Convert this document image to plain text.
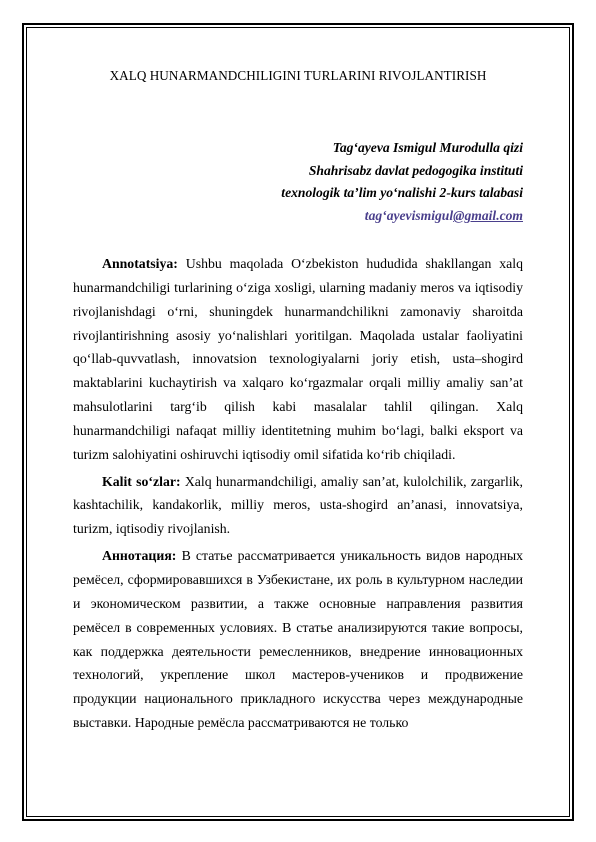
XALQ HUNARMANDCHILIGINI TURLARINI RIVOJLANTIRISH
Tag‘ayeva Ismigul Murodulla qizi
Shahrisabz davlat pedogogika instituti
texnologik ta’lim yo‘nalishi 2-kurs talabasi
tag‘ayevismigul@gmail.com

Annotatsiya: Ushbu maqolada O‘zbekiston hududida shakllangan xalq hunarmandchiligi turlarining o‘ziga xosligi, ularning madaniy meros va iqtisodiy rivojlanishdagi o‘rni, shuningdek hunarmandchilikni zamonaviy sharoitda rivojlantirishning asosiy yo‘nalishlari yoritilgan. Maqolada ustalar faoliyatini qo‘llab-quvvatlash, innovatsion texnologiyalarni joriy etish, usta–shogird maktablarini kuchaytirish va xalqaro ko‘rgazmalar orqali milliy amaliy san’at mahsulotlarini targ‘ib qilish kabi masalalar tahlil qilingan. Xalq hunarmandchiligi nafaqat milliy identitetning muhim bo‘lagi, balki eksport va turizm salohiyatini oshiruvchi iqtisodiy omil sifatida ko‘rib chiqiladi.

Kalit so‘zlar: Xalq hunarmandchiligi, amaliy san’at, kulolchilik, zargarlik, kashtachilik, kandakorlik, milliy meros, usta-shogird an’anasi, innovatsiya, turizm, iqtisodiy rivojlanish.

Аннотация: В статье рассматривается уникальность видов народных ремёсел, сформировавшихся в Узбекистане, их роль в культурном наследии и экономическом развитии, а также основные направления развития ремёсел в современных условиях. В статье анализируются такие вопросы, как поддержка деятельности ремесленников, внедрение инновационных технологий, укрепление школ мастеров-учеников и продвижение продукции национального прикладного искусства через международные выставки. Народные ремёсла рассматриваются не только
